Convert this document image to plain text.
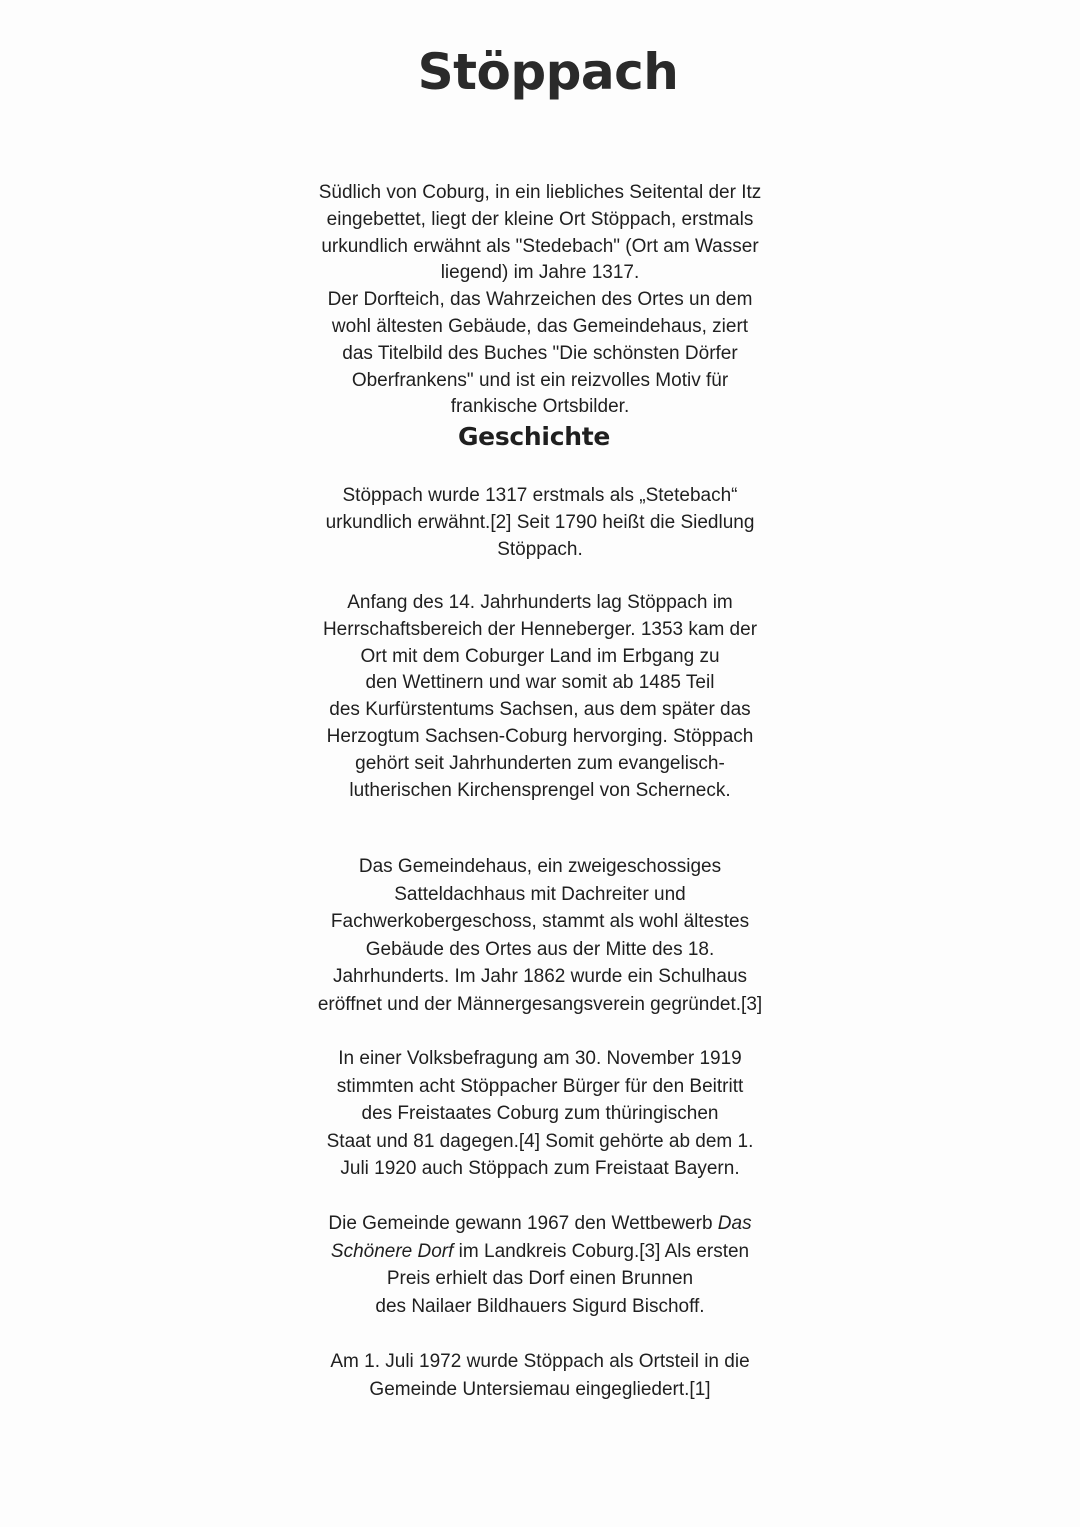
Stöppach

Südlich von Coburg, in ein liebliches Seitental der Itz
eingebettet, liegt der kleine Ort Stöppach, erstmals
urkundlich erwähnt als "Stedebach" (Ort am Wasser
liegend) im Jahre 1317.
Der Dorfteich, das Wahrzeichen des Ortes un dem
wohl ältesten Gebäude, das Gemeindehaus, ziert
das Titelbild des Buches "Die schönsten Dörfer
Oberfrankens" und ist ein reizvolles Motiv für
frankische Ortsbilder.

Geschichte

Stöppach wurde 1317 erstmals als „Stetebach“
urkundlich erwähnt.[2] Seit 1790 heißt die Siedlung
Stöppach.

Anfang des 14. Jahrhunderts lag Stöppach im
Herrschaftsbereich der Henneberger. 1353 kam der
Ort mit dem Coburger Land im Erbgang zu
den Wettinern und war somit ab 1485 Teil
des Kurfürstentums Sachsen, aus dem später das
Herzogtum Sachsen-Coburg hervorging. Stöppach
gehört seit Jahrhunderten zum evangelisch-
lutherischen Kirchensprengel von Scherneck.

Das Gemeindehaus, ein zweigeschossiges
Satteldachhaus mit Dachreiter und
Fachwerkobergeschoss, stammt als wohl ältestes
Gebäude des Ortes aus der Mitte des 18.
Jahrhunderts. Im Jahr 1862 wurde ein Schulhaus
eröffnet und der Männergesangsverein gegründet.[3]

In einer Volksbefragung am 30. November 1919
stimmten acht Stöppacher Bürger für den Beitritt
des Freistaates Coburg zum thüringischen
Staat und 81 dagegen.[4] Somit gehörte ab dem 1.
Juli 1920 auch Stöppach zum Freistaat Bayern.

Die Gemeinde gewann 1967 den Wettbewerb Das
Schönere Dorf im Landkreis Coburg.[3] Als ersten
Preis erhielt das Dorf einen Brunnen
des Nailaer Bildhauers Sigurd Bischoff.

Am 1. Juli 1972 wurde Stöppach als Ortsteil in die
Gemeinde Untersiemau eingegliedert.[1]
